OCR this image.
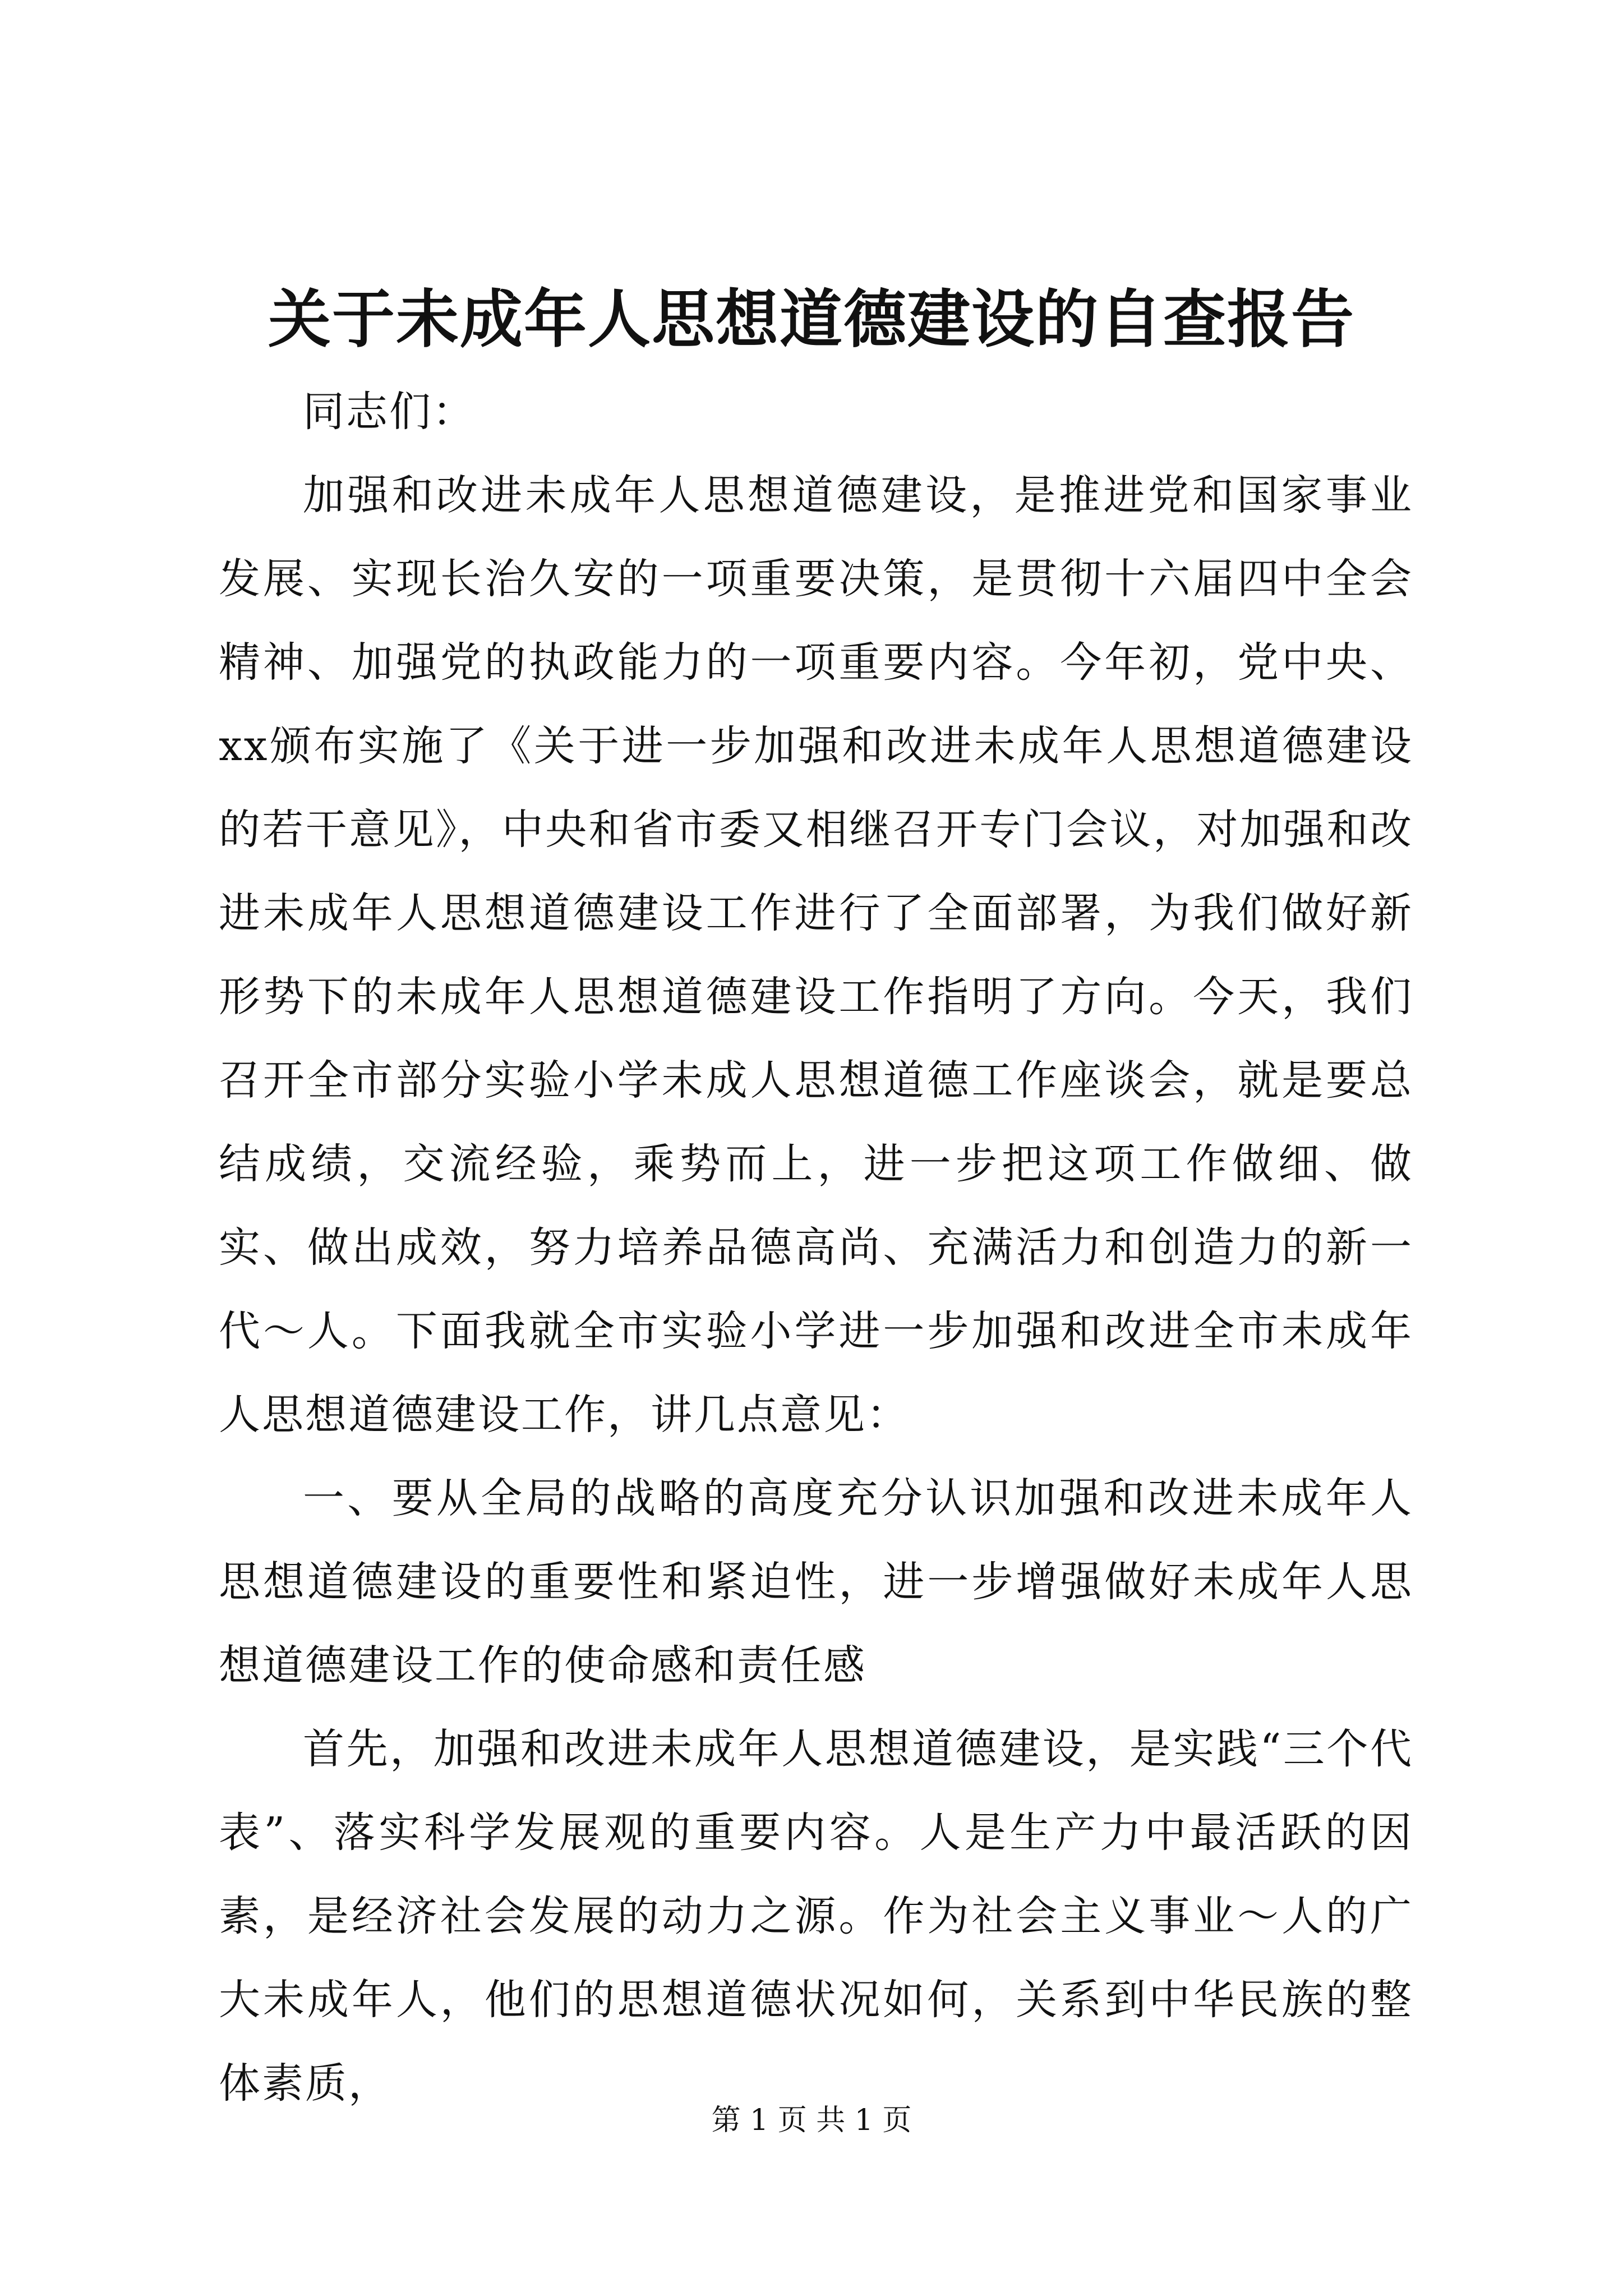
关于未成年人思想道德建设的自查报告

同志们：

加强和改进未成年人思想道德建设，是推进党和国家事业发展、实现长治久安的一项重要决策，是贯彻十六届四中全会精神、加强党的执政能力的一项重要内容。今年初，党中央、xx颁布实施了《关于进一步加强和改进未成年人思想道德建设的若干意见》，中央和省市委又相继召开专门会议，对加强和改进未成年人思想道德建设工作进行了全面部署，为我们做好新形势下的未成年人思想道德建设工作指明了方向。今天，我们召开全市部分实验小学未成人思想道德工作座谈会，就是要总结成绩，交流经验，乘势而上，进一步把这项工作做细、做实、做出成效，努力培养品德高尚、充满活力和创造力的新一代～人。下面我就全市实验小学进一步加强和改进全市未成年人思想道德建设工作，讲几点意见：

一、要从全局的战略的高度充分认识加强和改进未成年人思想道德建设的重要性和紧迫性，进一步增强做好未成年人思想道德建设工作的使命感和责任感

首先，加强和改进未成年人思想道德建设，是实践“三个代表”、落实科学发展观的重要内容。人是生产力中最活跃的因素，是经济社会发展的动力之源。作为社会主义事业～人的广大未成年人，他们的思想道德状况如何，关系到中华民族的整体素质，

第 1 页 共 1 页
